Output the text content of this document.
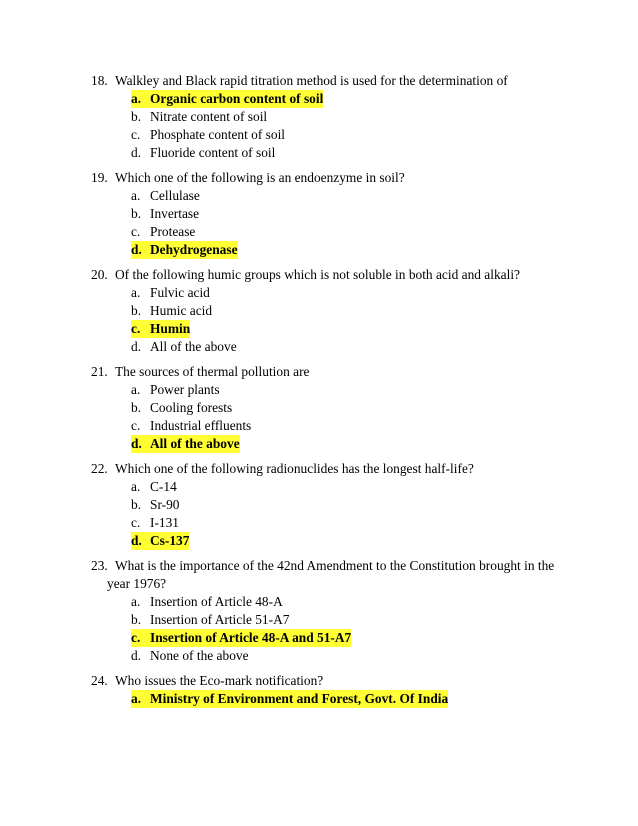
18. Walkley and Black rapid titration method is used for the determination of
a. Organic carbon content of soil
b. Nitrate content of soil
c. Phosphate content of soil
d. Fluoride content of soil
19. Which one of the following is an endoenzyme in soil?
a. Cellulase
b. Invertase
c. Protease
d. Dehydrogenase
20. Of the following humic groups which is not soluble in both acid and alkali?
a. Fulvic acid
b. Humic acid
c. Humin
d. All of the above
21. The sources of thermal pollution are
a. Power plants
b. Cooling forests
c. Industrial effluents
d. All of the above
22. Which one of the following radionuclides has the longest half-life?
a. C-14
b. Sr-90
c. I-131
d. Cs-137
23. What is the importance of the 42nd Amendment to the Constitution brought in the
year 1976?
a. Insertion of Article 48-A
b. Insertion of Article 51-A7
c. Insertion of Article 48-A and 51-A7
d. None of the above
24. Who issues the Eco-mark notification?
a. Ministry of Environment and Forest, Govt. Of India
